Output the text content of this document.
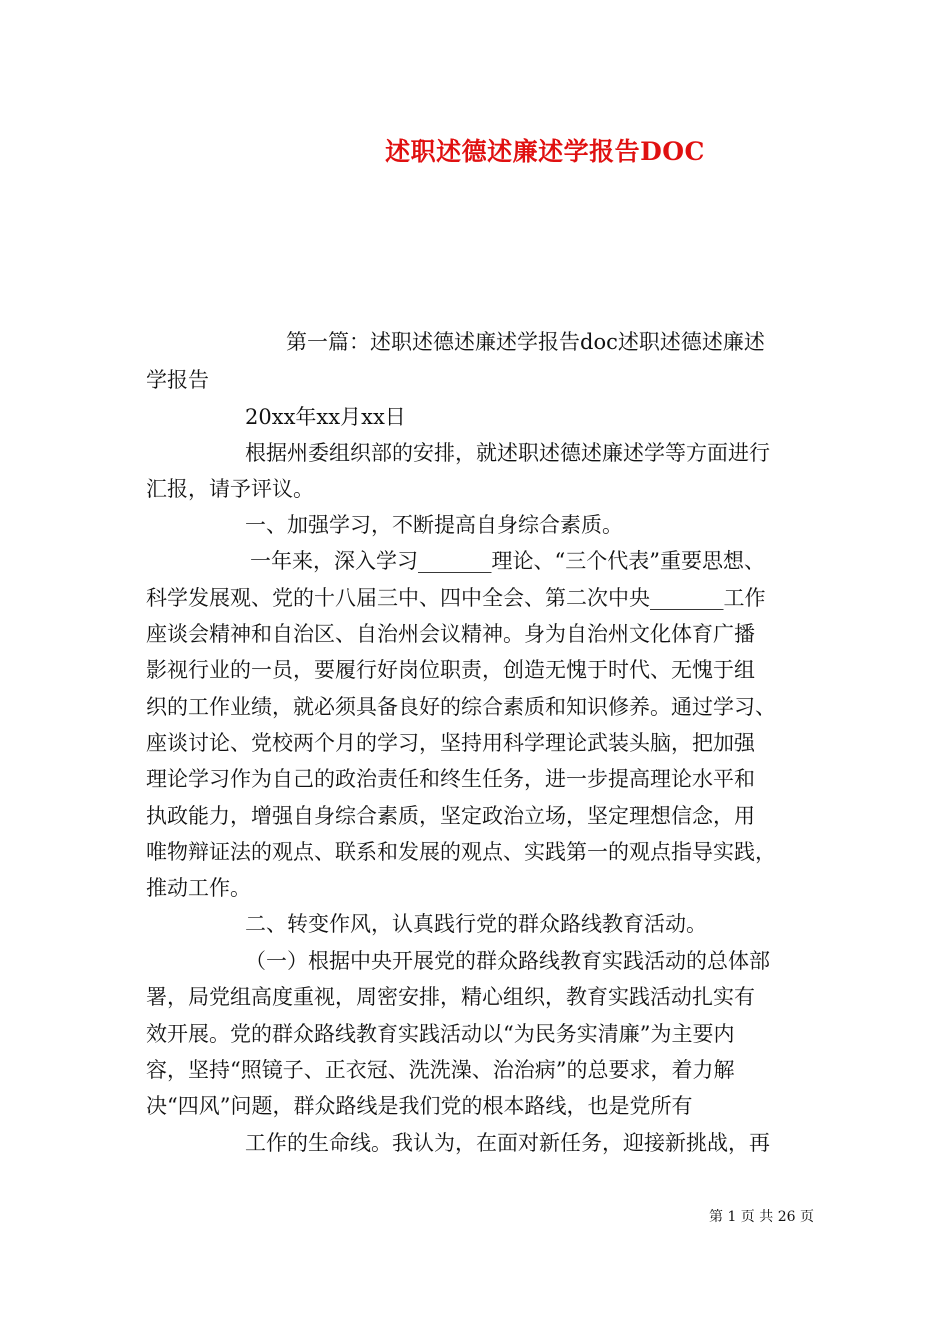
述职述德述廉述学报告DOC
第一篇：述职述德述廉述学报告doc述职述德述廉述
学报告
20xx年xx月xx日
根据州委组织部的安排，就述职述德述廉述学等方面进行
汇报，请予评议。
一、加强学习，不断提高自身综合素质。
一年来，深入学习_______理论、“三个代表”重要思想、
科学发展观、党的十八届三中、四中全会、第二次中央_______工作
座谈会精神和自治区、自治州会议精神。身为自治州文化体育广播
影视行业的一员，要履行好岗位职责，创造无愧于时代、无愧于组
织的工作业绩，就必须具备良好的综合素质和知识修养。通过学习、
座谈讨论、党校两个月的学习，坚持用科学理论武装头脑，把加强
理论学习作为自己的政治责任和终生任务，进一步提高理论水平和
执政能力，增强自身综合素质，坚定政治立场，坚定理想信念，用
唯物辩证法的观点、联系和发展的观点、实践第一的观点指导实践，
推动工作。
二、转变作风，认真践行党的群众路线教育活动。
（一）根据中央开展党的群众路线教育实践活动的总体部
署，局党组高度重视，周密安排，精心组织，教育实践活动扎实有
效开展。党的群众路线教育实践活动以“为民务实清廉”为主要内
容，坚持“照镜子、正衣冠、洗洗澡、治治病”的总要求，着力解
决“四风”问题，群众路线是我们党的根本路线，也是党所有
工作的生命线。我认为，在面对新任务，迎接新挑战，再
第 1 页 共 26 页
